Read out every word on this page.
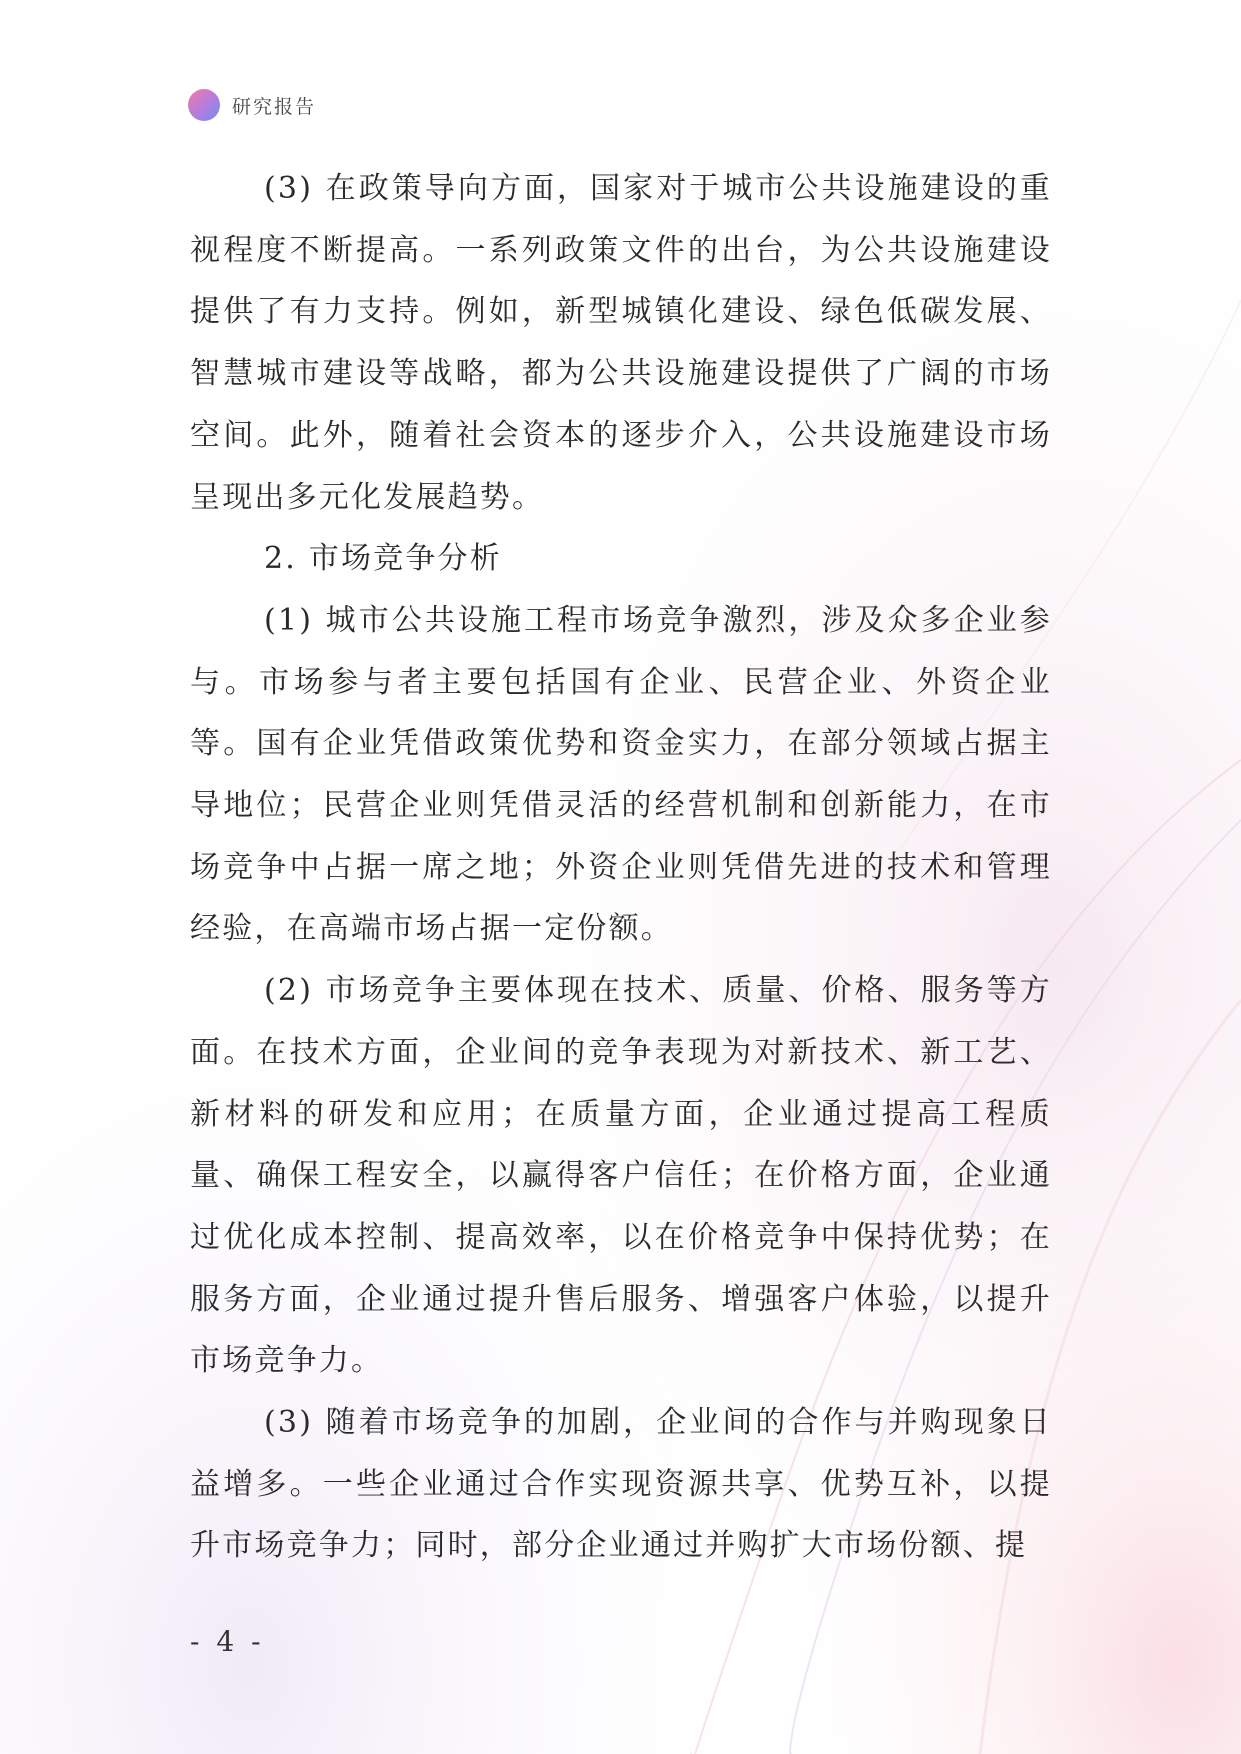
研究报告

(3) 在政策导向方面，国家对于城市公共设施建设的重视程度不断提高。一系列政策文件的出台，为公共设施建设提供了有力支持。例如，新型城镇化建设、绿色低碳发展、智慧城市建设等战略，都为公共设施建设提供了广阔的市场空间。此外，随着社会资本的逐步介入，公共设施建设市场呈现出多元化发展趋势。

2. 市场竞争分析

(1) 城市公共设施工程市场竞争激烈，涉及众多企业参与。市场参与者主要包括国有企业、民营企业、外资企业等。国有企业凭借政策优势和资金实力，在部分领域占据主导地位；民营企业则凭借灵活的经营机制和创新能力，在市场竞争中占据一席之地；外资企业则凭借先进的技术和管理经验，在高端市场占据一定份额。

(2) 市场竞争主要体现在技术、质量、价格、服务等方面。在技术方面，企业间的竞争表现为对新技术、新工艺、新材料的研发和应用；在质量方面，企业通过提高工程质量、确保工程安全，以赢得客户信任；在价格方面，企业通过优化成本控制、提高效率，以在价格竞争中保持优势；在服务方面，企业通过提升售后服务、增强客户体验，以提升市场竞争力。

(3) 随着市场竞争的加剧，企业间的合作与并购现象日益增多。一些企业通过合作实现资源共享、优势互补，以提升市场竞争力；同时，部分企业通过并购扩大市场份额、提

- 4 -
